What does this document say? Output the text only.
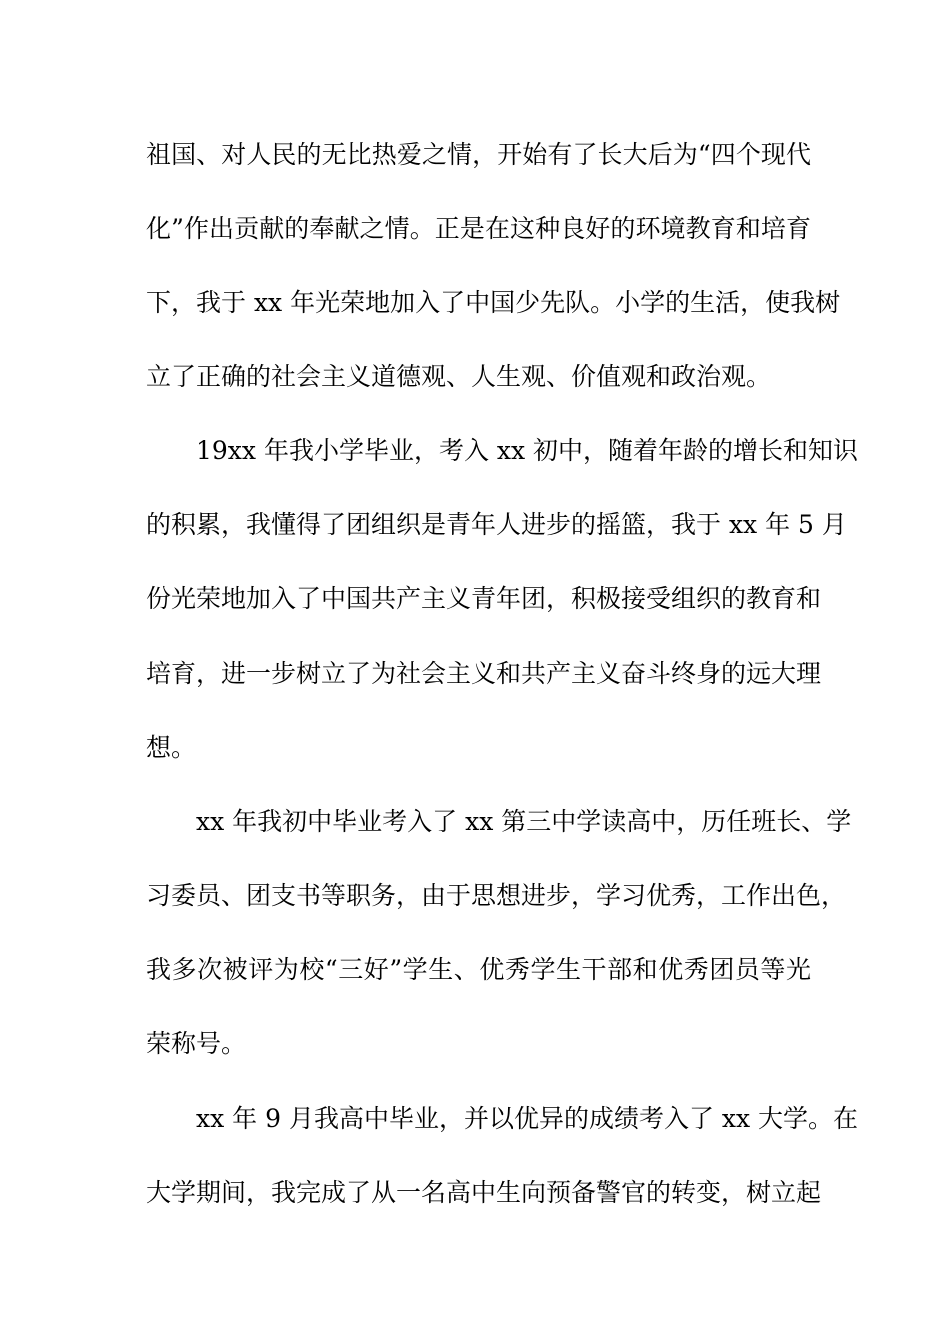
祖国、对人民的无比热爱之情，开始有了长大后为“四个现代
化”作出贡献的奉献之情。正是在这种良好的环境教育和培育
下，我于 xx 年光荣地加入了中国少先队。小学的生活，使我树
立了正确的社会主义道德观、人生观、价值观和政治观。
19xx 年我小学毕业，考入 xx 初中，随着年龄的增长和知识
的积累，我懂得了团组织是青年人进步的摇篮，我于 xx 年 5 月
份光荣地加入了中国共产主义青年团，积极接受组织的教育和
培育，进一步树立了为社会主义和共产主义奋斗终身的远大理
想。
xx 年我初中毕业考入了 xx 第三中学读高中，历任班长、学
习委员、团支书等职务，由于思想进步，学习优秀，工作出色，
我多次被评为校“三好”学生、优秀学生干部和优秀团员等光
荣称号。
xx 年 9 月我高中毕业，并以优异的成绩考入了 xx 大学。在
大学期间，我完成了从一名高中生向预备警官的转变，树立起
